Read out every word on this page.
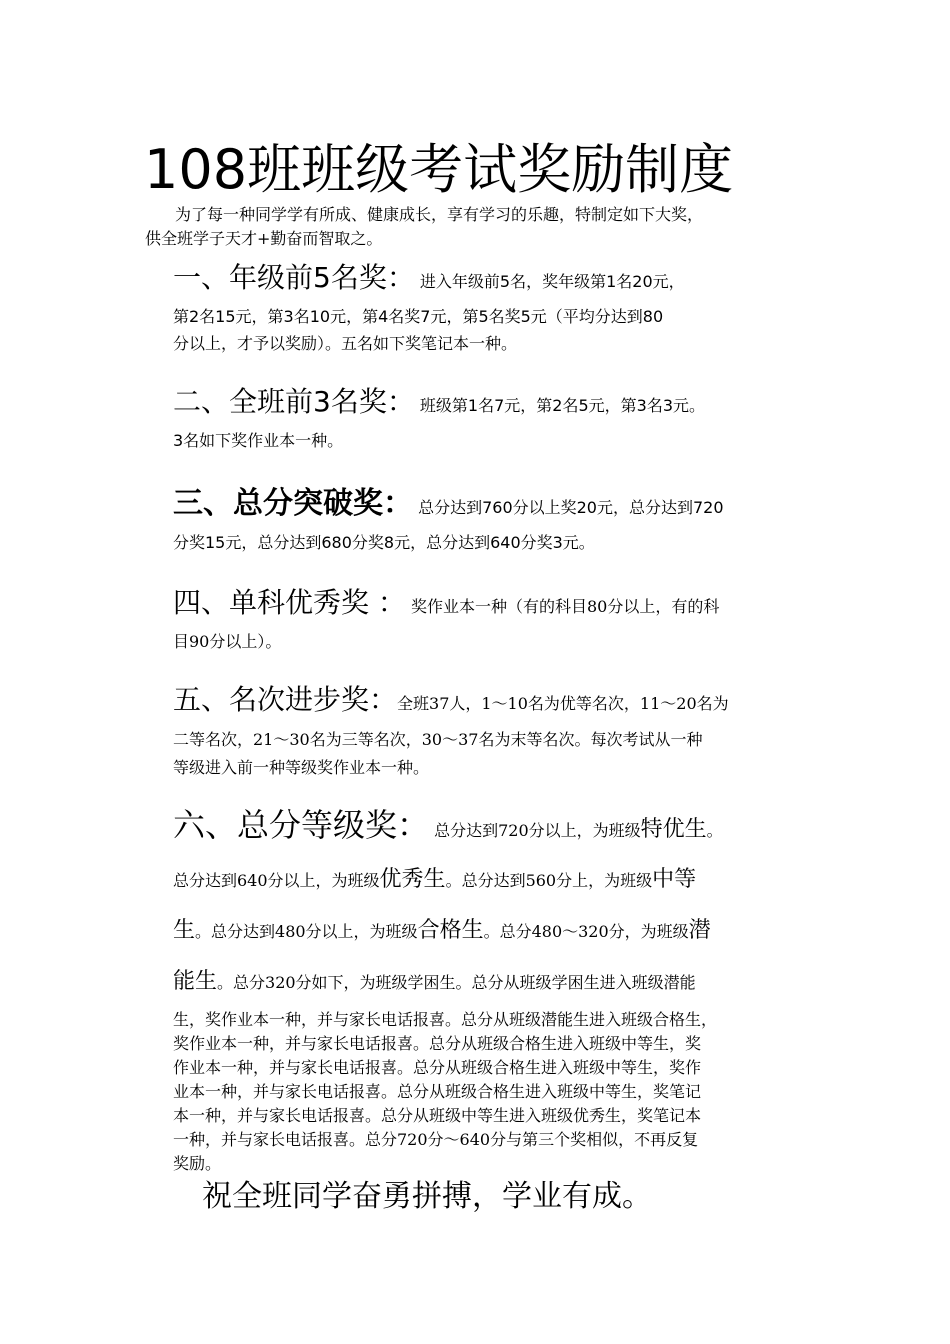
108班班级考试奖励制度
为了每一种同学学有所成、健康成长，享有学习的乐趣，特制定如下大奖，
供全班学子天才+勤奋而智取之。
一、年级前5名奖： 进入年级前5名，奖年级第1名20元，
第2名15元，第3名10元，第4名奖7元，第5名奖5元（平均分达到80
分以上，才予以奖励）。五名如下奖笔记本一种。
二、全班前3名奖： 班级第1名7元，第2名5元，第3名3元。
3名如下奖作业本一种。
三、总分突破奖： 总分达到760分以上奖20元，总分达到720
分奖15元，总分达到680分奖8元，总分达到640分奖3元。
四、单科优秀奖 ： 奖作业本一种（有的科目80分以上，有的科
目90分以上）。
五、名次进步奖：全班37人，1～10名为优等名次，11～20名为
二等名次，21～30名为三等名次，30～37名为末等名次。每次考试从一种
等级进入前一种等级奖作业本一种。
六、总分等级奖： 总分达到720分以上，为班级特优生。
总分达到640分以上，为班级优秀生。总分达到560分上，为班级中等
生。总分达到480分以上，为班级合格生。总分480～320分，为班级潜
能生。总分320分如下，为班级学困生。总分从班级学困生进入班级潜能
生，奖作业本一种，并与家长电话报喜。总分从班级潜能生进入班级合格生，
奖作业本一种，并与家长电话报喜。总分从班级合格生进入班级中等生，奖
作业本一种，并与家长电话报喜。总分从班级合格生进入班级中等生，奖作
业本一种，并与家长电话报喜。总分从班级合格生进入班级中等生，奖笔记
本一种，并与家长电话报喜。总分从班级中等生进入班级优秀生，奖笔记本
一种，并与家长电话报喜。总分720分～640分与第三个奖相似，不再反复
奖励。
祝全班同学奋勇拼搏，学业有成。
